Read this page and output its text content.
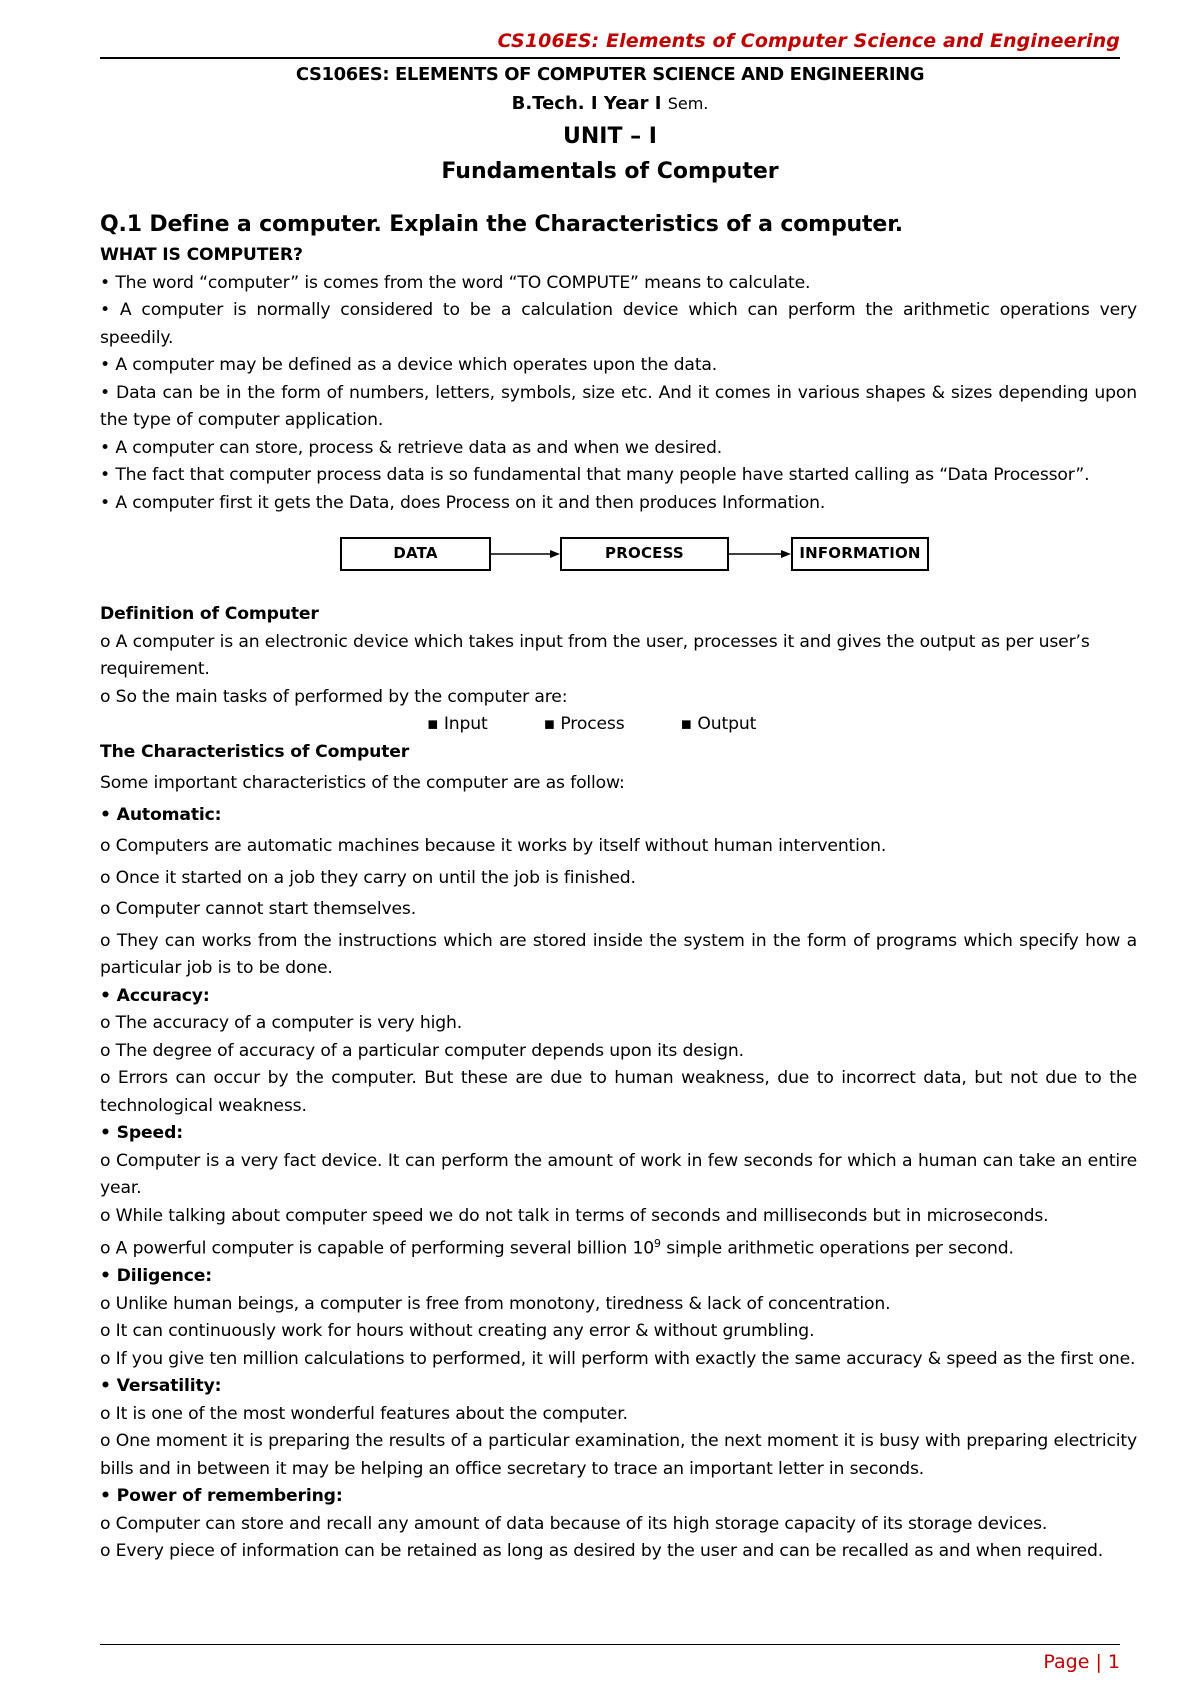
CS106ES: Elements of Computer Science and Engineering
CS106ES: ELEMENTS OF COMPUTER SCIENCE AND ENGINEERING
B.Tech. I Year I Sem.
UNIT – I
Fundamentals of Computer
Q.1 Define a computer. Explain the Characteristics of a computer.

WHAT IS COMPUTER?

• The word “computer” is comes from the word “TO COMPUTE” means to calculate.

• A computer is normally considered to be a calculation device which can perform the arithmetic operations very speedily.

• A computer may be defined as a device which operates upon the data.

• Data can be in the form of numbers, letters, symbols, size etc. And it comes in various shapes & sizes depending upon the type of computer application.

• A computer can store, process & retrieve data as and when we desired.

• The fact that computer process data is so fundamental that many people have started calling as “Data Processor”.

• A computer first it gets the Data, does Process on it and then produces Information.

DATA	PROCESS	INFORMATION

Definition of Computer

o A computer is an electronic device which takes input from the user, processes it and gives the output as per user’s requirement.

o So the main tasks of performed by the computer are:

▪ Input	▪ Process	▪ Output

The Characteristics of Computer

Some important characteristics of the computer are as follow:

• Automatic:

o Computers are automatic machines because it works by itself without human intervention.

o Once it started on a job they carry on until the job is finished.

o Computer cannot start themselves.

o They can works from the instructions which are stored inside the system in the form of programs which specify how a particular job is to be done.

• Accuracy:

o The accuracy of a computer is very high.

o The degree of accuracy of a particular computer depends upon its design.

o Errors can occur by the computer. But these are due to human weakness, due to incorrect data, but not due to the technological weakness.

• Speed:

o Computer is a very fact device. It can perform the amount of work in few seconds for which a human can take an entire year.

o While talking about computer speed we do not talk in terms of seconds and milliseconds but in microseconds.

o A powerful computer is capable of performing several billion $10^9$ simple arithmetic operations per second.

• Diligence:

o Unlike human beings, a computer is free from monotony, tiredness & lack of concentration.

o It can continuously work for hours without creating any error & without grumbling.

o If you give ten million calculations to performed, it will perform with exactly the same accuracy & speed as the first one.

• Versatility:

o It is one of the most wonderful features about the computer.

o One moment it is preparing the results of a particular examination, the next moment it is busy with preparing electricity bills and in between it may be helping an office secretary to trace an important letter in seconds.

• Power of remembering:

o Computer can store and recall any amount of data because of its high storage capacity of its storage devices.

o Every piece of information can be retained as long as desired by the user and can be recalled as and when required.

Page | 1
